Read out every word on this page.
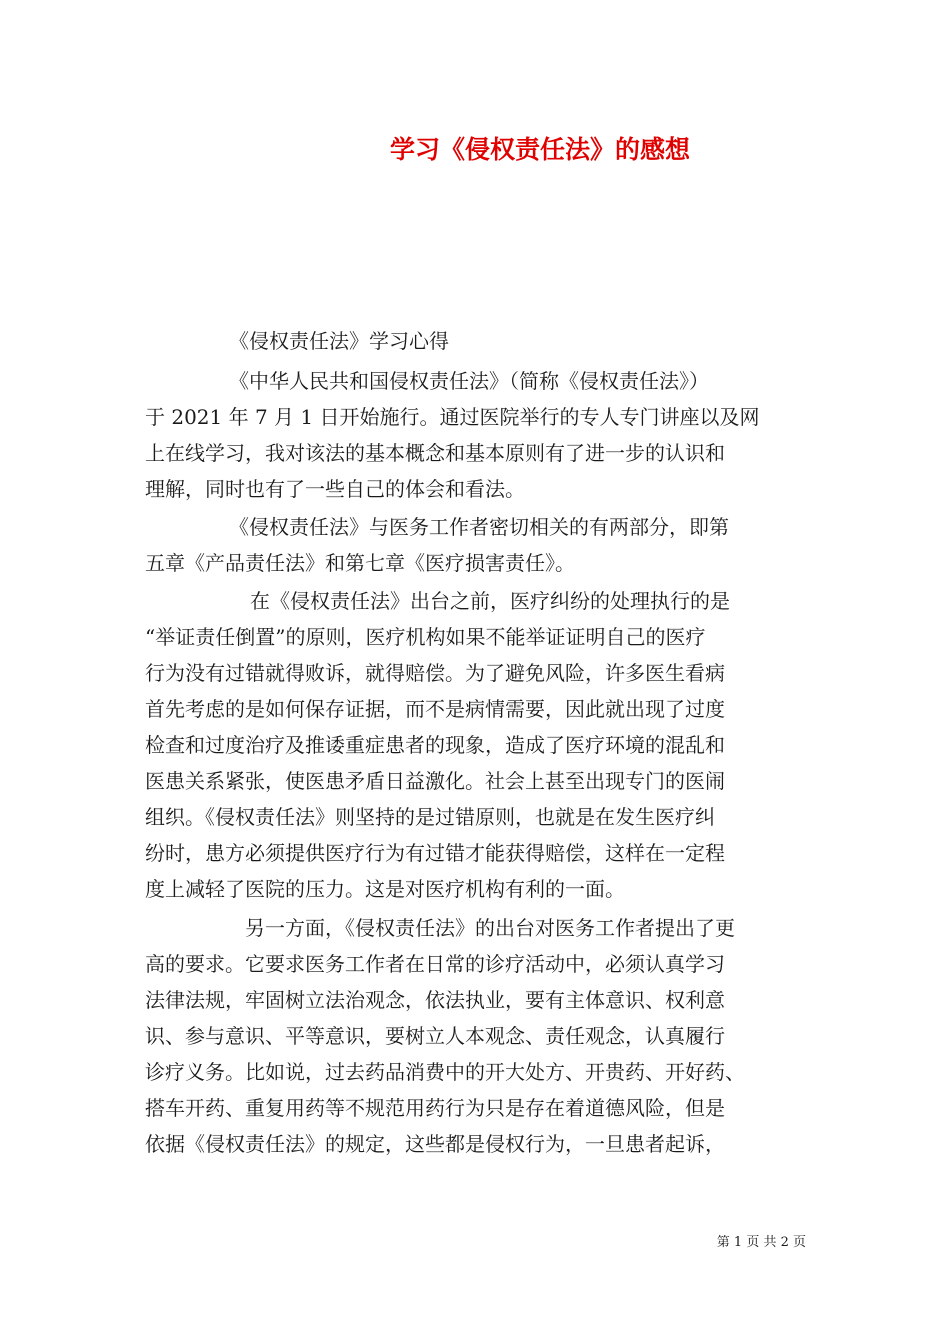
学习《侵权责任法》的感想
《侵权责任法》学习心得
《中华人民共和国侵权责任法》（简称《侵权责任法》）
于 2021 年 7 月 1 日开始施行。通过医院举行的专人专门讲座以及网
上在线学习，我对该法的基本概念和基本原则有了进一步的认识和
理解，同时也有了一些自己的体会和看法。
《侵权责任法》与医务工作者密切相关的有两部分，即第
五章《产品责任法》和第七章《医疗损害责任》。
在《侵权责任法》出台之前，医疗纠纷的处理执行的是
“举证责任倒置”的原则，医疗机构如果不能举证证明自己的医疗
行为没有过错就得败诉，就得赔偿。为了避免风险，许多医生看病
首先考虑的是如何保存证据，而不是病情需要，因此就出现了过度
检查和过度治疗及推诿重症患者的现象，造成了医疗环境的混乱和
医患关系紧张，使医患矛盾日益激化。社会上甚至出现专门的医闹
组织。《侵权责任法》则坚持的是过错原则，也就是在发生医疗纠
纷时，患方必须提供医疗行为有过错才能获得赔偿，这样在一定程
度上减轻了医院的压力。这是对医疗机构有利的一面。
另一方面，《侵权责任法》的出台对医务工作者提出了更
高的要求。它要求医务工作者在日常的诊疗活动中，必须认真学习
法律法规，牢固树立法治观念，依法执业，要有主体意识、权利意
识、参与意识、平等意识，要树立人本观念、责任观念，认真履行
诊疗义务。比如说，过去药品消费中的开大处方、开贵药、开好药、
搭车开药、重复用药等不规范用药行为只是存在着道德风险，但是
依据《侵权责任法》的规定，这些都是侵权行为，一旦患者起诉，
第 1 页 共 2 页
